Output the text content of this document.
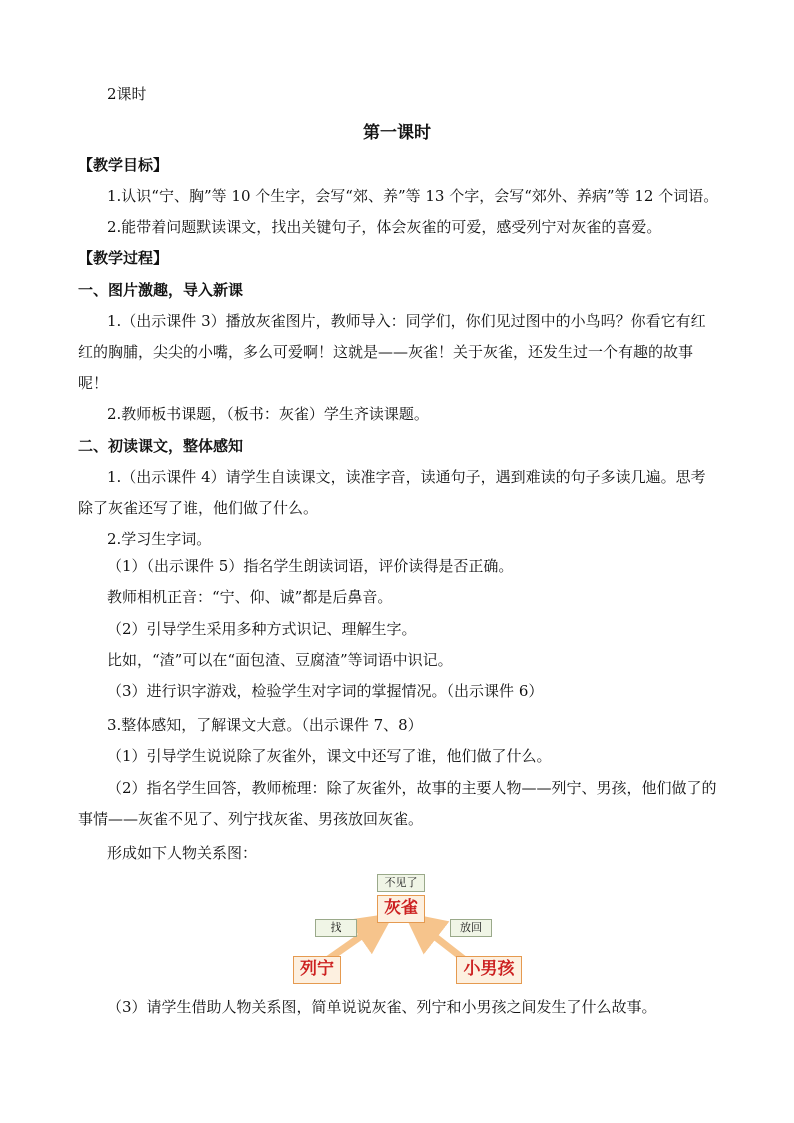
2课时
第一课时
【教学目标】
1.认识“宁、胸”等 10 个生字，会写“郊、养”等 13 个字，会写“郊外、养病”等 12 个词语。
2.能带着问题默读课文，找出关键句子，体会灰雀的可爱，感受列宁对灰雀的喜爱。
【教学过程】
一、图片激趣，导入新课
1.（出示课件 3）播放灰雀图片，教师导入：同学们，你们见过图中的小鸟吗？你看它有红红的胸脯，尖尖的小嘴，多么可爱啊！这就是——灰雀！关于灰雀，还发生过一个有趣的故事呢！
2.教师板书课题，（板书：灰雀）学生齐读课题。
二、初读课文，整体感知
1.（出示课件 4）请学生自读课文，读准字音，读通句子，遇到难读的句子多读几遍。思考除了灰雀还写了谁，他们做了什么。
2.学习生字词。
（1）（出示课件 5）指名学生朗读词语，评价读得是否正确。
教师相机正音：“宁、仰、诚”都是后鼻音。
（2）引导学生采用多种方式识记、理解生字。
比如，“渣”可以在“面包渣、豆腐渣”等词语中识记。
（3）进行识字游戏，检验学生对字词的掌握情况。（出示课件 6）
3.整体感知，了解课文大意。（出示课件 7、8）
（1）引导学生说说除了灰雀外，课文中还写了谁，他们做了什么。
（2）指名学生回答，教师梳理：除了灰雀外，故事的主要人物——列宁、男孩，他们做了的事情——灰雀不见了、列宁找灰雀、男孩放回灰雀。
形成如下人物关系图：
不见了
灰雀
找	放回
列宁	小男孩
（3）请学生借助人物关系图，简单说说灰雀、列宁和小男孩之间发生了什么故事。
